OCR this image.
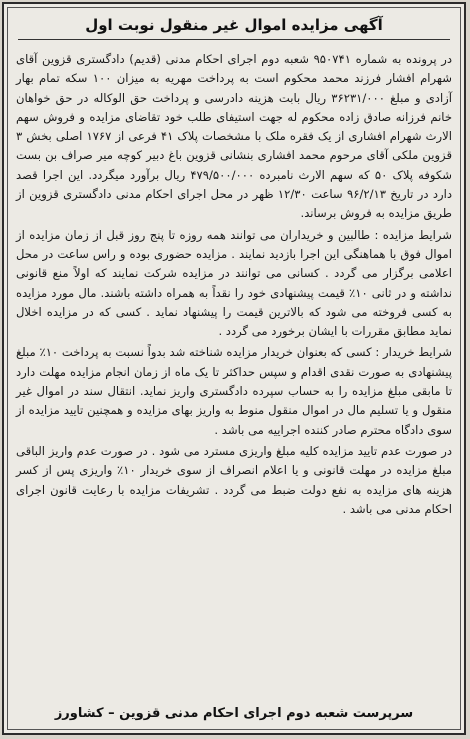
آگهی مزایده اموال غیر منقول نوبت اول

در پرونده به شماره ۹۵۰۷۴۱ شعبه دوم اجرای احکام مدنی (قدیم) دادگستری قزوین آقای شهرام افشار فرزند محمد محکوم است به پرداخت مهریه به میزان ۱۰۰ سکه تمام بهار آزادی و مبلغ ۳۶۲۳۱/۰۰۰ ریال بابت هزینه دادرسی و پرداخت حق الوکاله در حق خواهان خانم فرزانه صادق زاده محکوم له جهت استیفای طلب خود تقاضای مزایده و فروش سهم الارث شهرام افشاری از یک فقره ملک با مشخصات پلاک ۴۱ فرعی از ۱۷۶۷ اصلی بخش ۳ قزوین ملکی آقای مرحوم محمد افشاری بنشانی قزوین باغ دبیر کوچه میر صراف بن بست شکوفه پلاک ۵۰ که سهم الارث نامبرده ۴۷۹/۵۰۰/۰۰۰ ریال برآورد میگردد. این اجرا قصد دارد در تاریخ ۹۶/۲/۱۳ ساعت ۱۲/۳۰ ظهر در محل اجرای احکام مدنی دادگستری قزوین از طریق مزایده به فروش برساند.

شرایط مزایده : طالبین و خریداران می توانند همه روزه تا پنج روز قبل از زمان مزایده از اموال فوق با هماهنگی این اجرا بازدید نمایند . مزایده حضوری بوده و راس ساعت در محل اعلامی برگزار می گردد . کسانی می توانند در مزایده شرکت نمایند که اولاً منع قانونی نداشته و در ثانی ۱۰٪ قیمت پیشنهادی خود را نقداً به همراه داشته باشند. مال مورد مزایده به کسی فروخته می شود که بالاترین قیمت را پیشنهاد نماید . کسی که در مزایده اخلال نماید مطابق مقررات با ایشان برخورد می گردد .

شرایط خریدار : کسی که بعنوان خریدار مزایده شناخته شد بدواً نسبت به پرداخت ۱۰٪ مبلغ پیشنهادی به صورت نقدی اقدام و سپس حداکثر تا یک ماه از زمان انجام مزایده مهلت دارد تا مابقی مبلغ مزایده را به حساب سپرده دادگستری واریز نماید. انتقال سند در اموال غیر منقول و یا تسلیم مال در اموال منقول منوط به واریز بهای مزایده و همچنین تایید مزایده از سوی دادگاه محترم صادر کننده اجراییه می باشد .

در صورت عدم تایید مزایده کلیه مبلغ واریزی مسترد می شود . در صورت عدم واریز الباقی مبلغ مزایده در مهلت قانونی و یا اعلام انصراف از سوی خریدار ۱۰٪ واریزی پس از کسر هزینه های مزایده به نفع دولت ضبط می گردد . تشریفات مزایده با رعایت قانون اجرای احکام مدنی می باشد .

سرپرست شعبه دوم اجرای احکام مدنی قزوین – کشاورز
